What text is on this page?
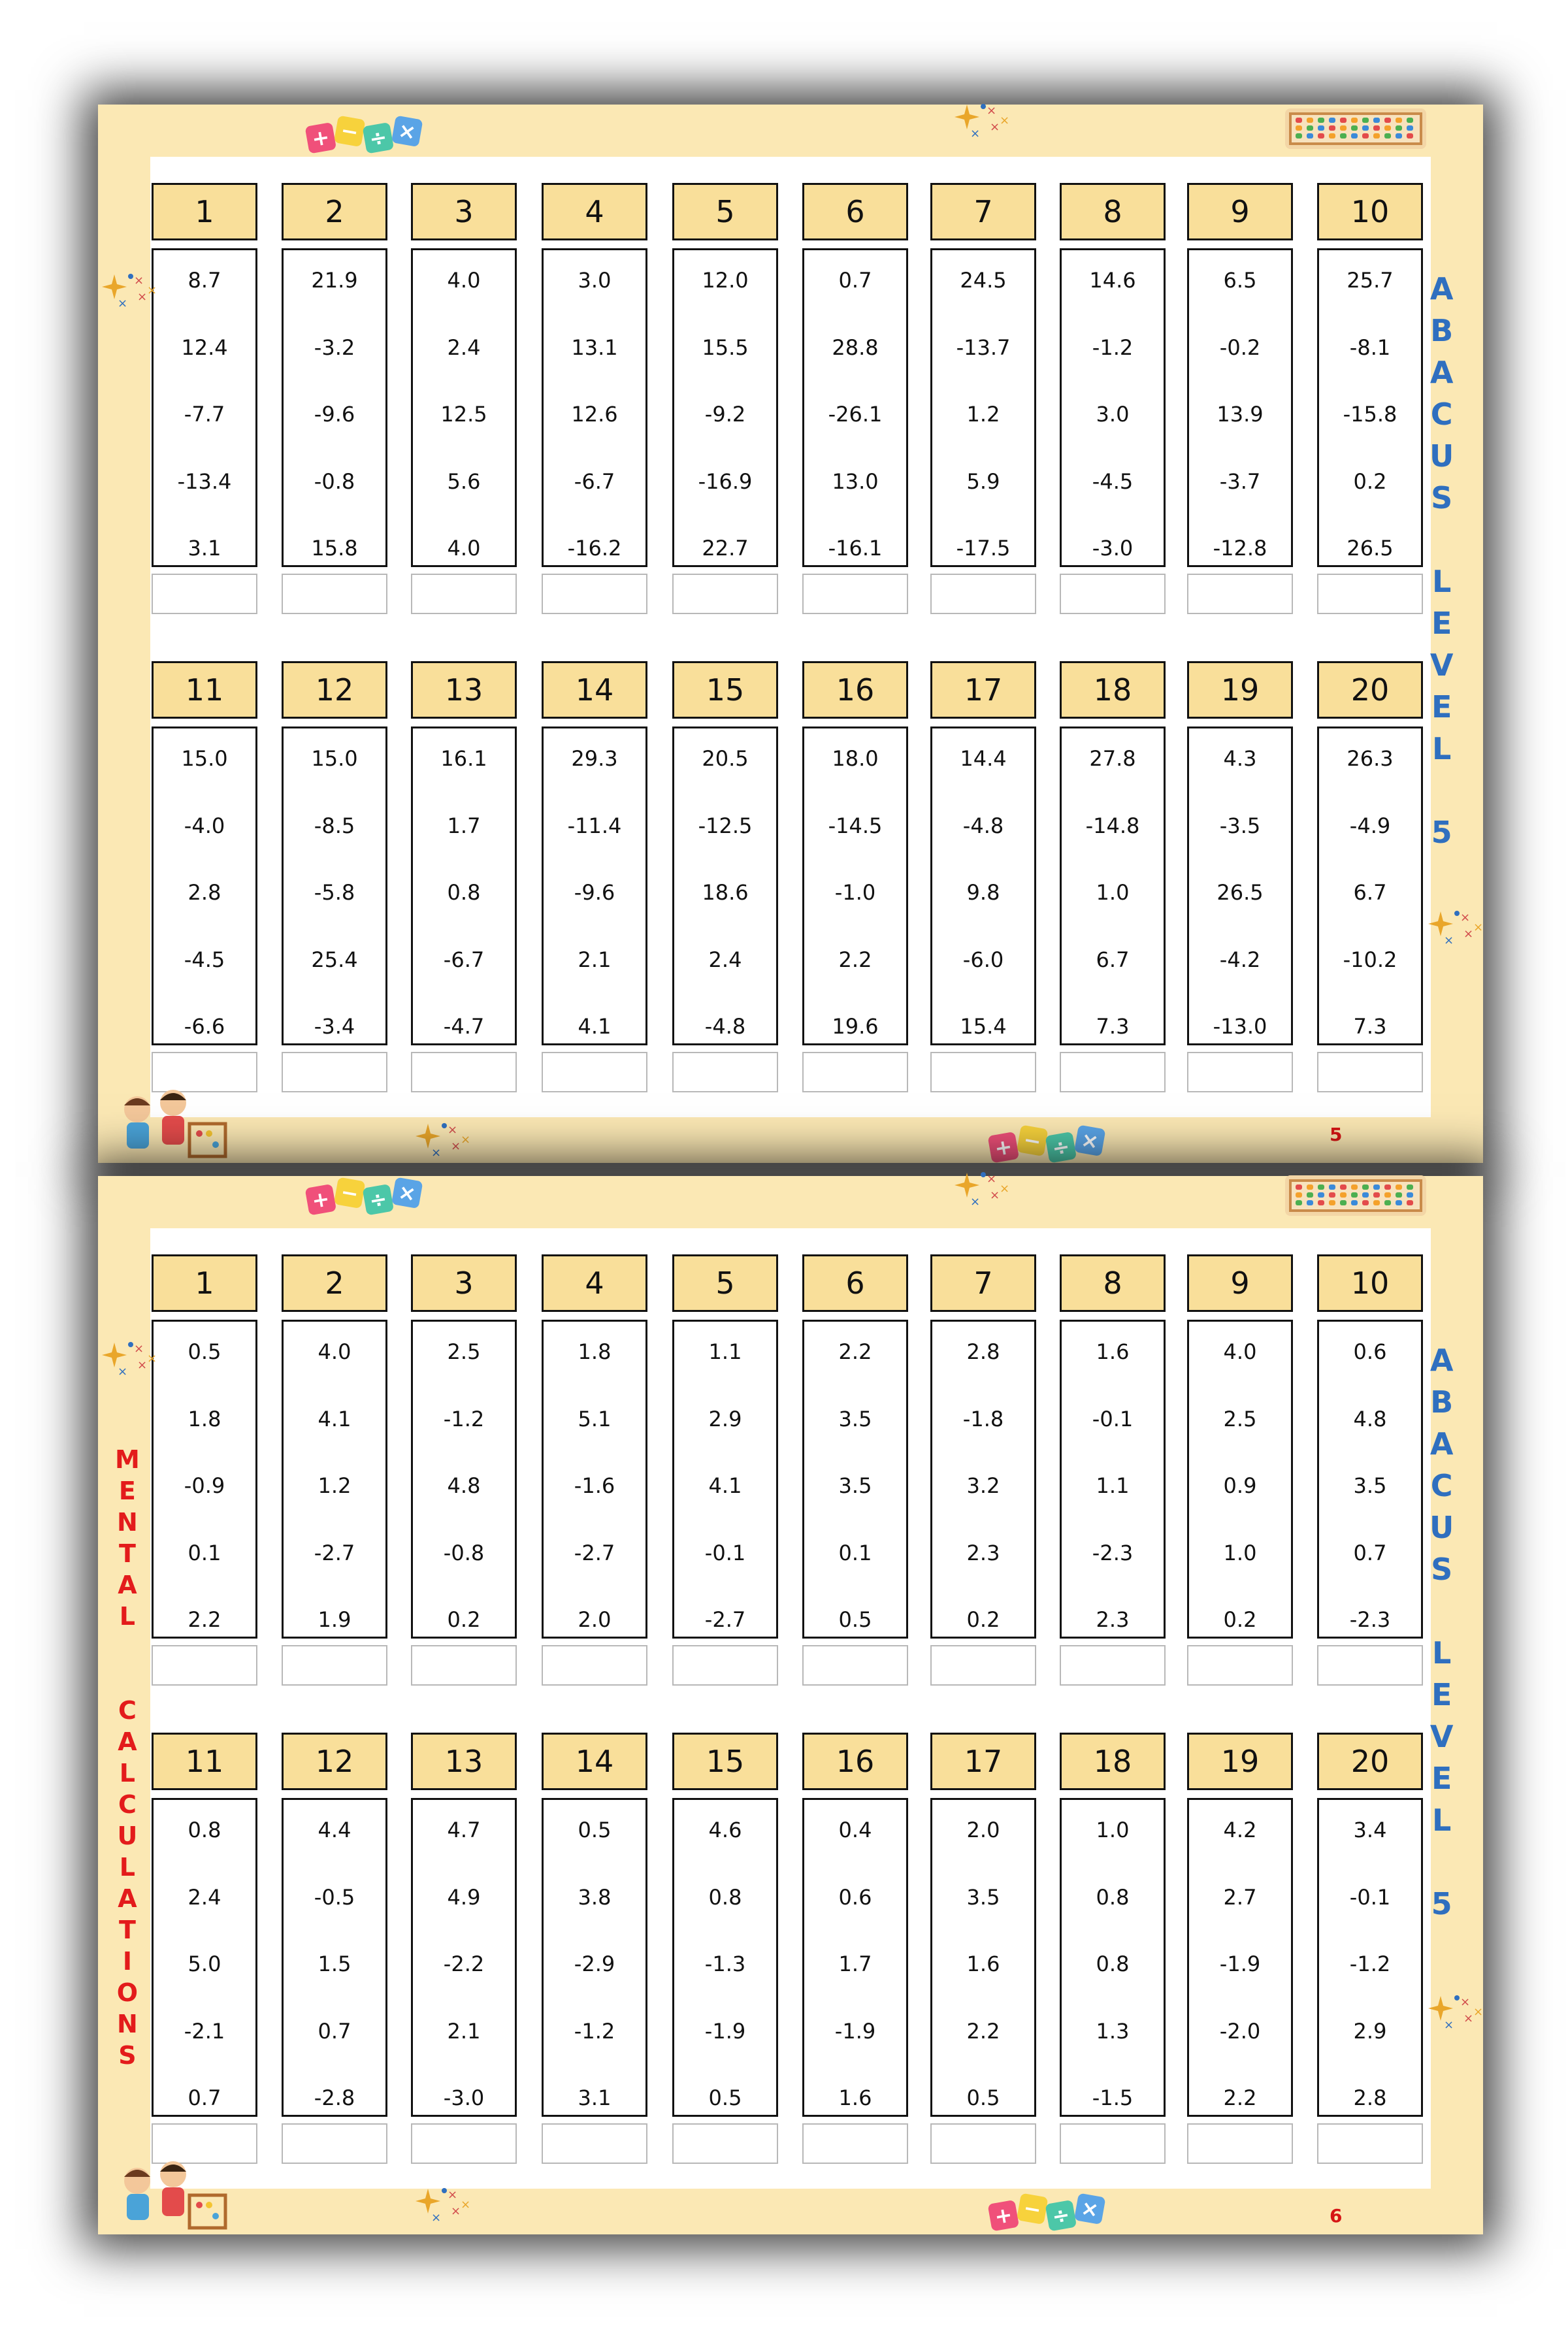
1
8.7
12.4
-7.7
-13.4
3.1
2
21.9
-3.2
-9.6
-0.8
15.8
3
4.0
2.4
12.5
5.6
4.0
4
3.0
13.1
12.6
-6.7
-16.2
5
12.0
15.5
-9.2
-16.9
22.7
6
0.7
28.8
-26.1
13.0
-16.1
7
24.5
-13.7
1.2
5.9
-17.5
8
14.6
-1.2
3.0
-4.5
-3.0
9
6.5
-0.2
13.9
-3.7
-12.8
10
25.7
-8.1
-15.8
0.2
26.5
11
15.0
-4.0
2.8
-4.5
-6.6
12
15.0
-8.5
-5.8
25.4
-3.4
13
16.1
1.7
0.8
-6.7
-4.7
14
29.3
-11.4
-9.6
2.1
4.1
15
20.5
-12.5
18.6
2.4
-4.8
16
18.0
-14.5
-1.0
2.2
19.6
17
14.4
-4.8
9.8
-6.0
15.4
18
27.8
-14.8
1.0
6.7
7.3
19
4.3
-3.5
26.5
-4.2
-13.0
20
26.3
-4.9
6.7
-10.2
7.3
A
B
A
C
U
S

L
E
V
E
L

5
5
+ − ÷ ×
+ − ÷ ×
×
×
×
×
×
×
×
×
×
×
×
×
×
×
×
×
1
0.5
1.8
-0.9
0.1
2.2
2
4.0
4.1
1.2
-2.7
1.9
3
2.5
-1.2
4.8
-0.8
0.2
4
1.8
5.1
-1.6
-2.7
2.0
5
1.1
2.9
4.1
-0.1
-2.7
6
2.2
3.5
3.5
0.1
0.5
7
2.8
-1.8
3.2
2.3
0.2
8
1.6
-0.1
1.1
-2.3
2.3
9
4.0
2.5
0.9
1.0
0.2
10
0.6
4.8
3.5
0.7
-2.3
11
0.8
2.4
5.0
-2.1
0.7
12
4.4
-0.5
1.5
0.7
-2.8
13
4.7
4.9
-2.2
2.1
-3.0
14
0.5
3.8
-2.9
-1.2
3.1
15
4.6
0.8
-1.3
-1.9
0.5
16
0.4
0.6
1.7
-1.9
1.6
17
2.0
3.5
1.6
2.2
0.5
18
1.0
0.8
0.8
1.3
-1.5
19
4.2
2.7
-1.9
-2.0
2.2
20
3.4
-0.1
-1.2
2.9
2.8
A
B
A
C
U
S

L
E
V
E
L

5
M
E
N
T
A
L

C
A
L
C
U
L
A
T
I
O
N
S
6
+ − ÷ ×
+ − ÷ ×
×
×
×
×
×
×
×
×
×
×
×
×
×
×
×
×
